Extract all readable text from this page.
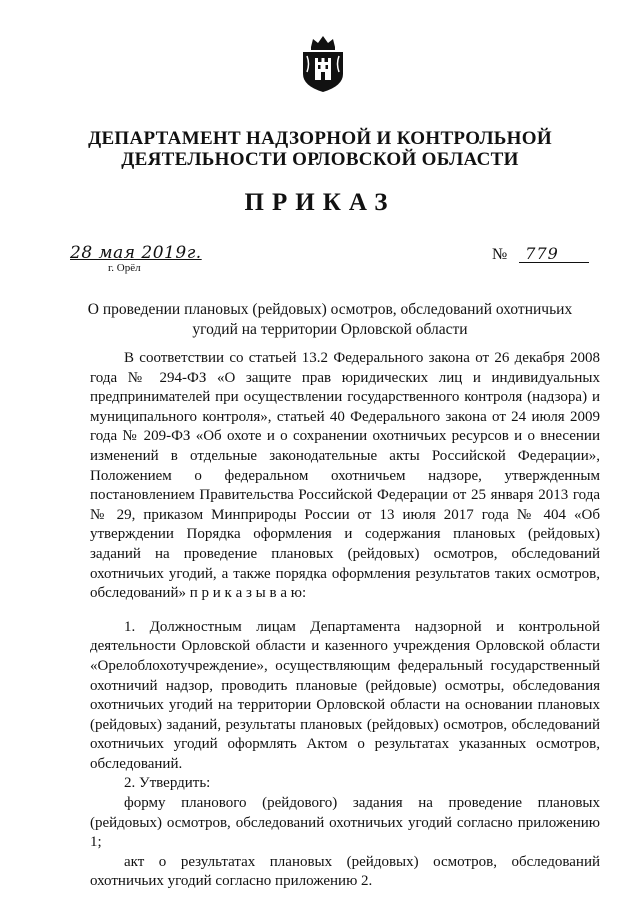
ДЕПАРТАМЕНТ НАДЗОРНОЙ И КОНТРОЛЬНОЙ
ДЕЯТЕЛЬНОСТИ ОРЛОВСКОЙ ОБЛАСТИ
ПРИКАЗ
28 мая 2019г.
г. Орёл
№ 779
О проведении плановых (рейдовых) осмотров, обследований охотничьих угодий на территории Орловской области

В соответствии со статьей 13.2 Федерального закона от 26 декабря 2008 года № 294-ФЗ «О защите прав юридических лиц и индивидуальных предпринимателей при осуществлении государственного контроля (надзора) и муниципального контроля», статьей 40 Федерального закона от 24 июля 2009 года № 209-ФЗ «Об охоте и о сохранении охотничьих ресурсов и о внесении изменений в отдельные законодательные акты Российской Федерации», Положением о федеральном охотничьем надзоре, утвержденным постановлением Правительства Российской Федерации от 25 января 2013 года № 29, приказом Минприроды России от 13 июля 2017 года № 404 «Об утверждении Порядка оформления и содержания плановых (рейдовых) заданий на проведение плановых (рейдовых) осмотров, обследований охотничьих угодий, а также порядка оформления результатов таких осмотров, обследований» п р и к а з ы в а ю:

1. Должностным лицам Департамента надзорной и контрольной деятельности Орловской области и казенного учреждения Орловской области «Орелоблохотучреждение», осуществляющим федеральный государственный охотничий надзор, проводить плановые (рейдовые) осмотры, обследования охотничьих угодий на территории Орловской области на основании плановых (рейдовых) заданий, результаты плановых (рейдовых) осмотров, обследований охотничьих угодий оформлять Актом о результатах указанных осмотров, обследований.

2. Утвердить:

форму планового (рейдового) задания на проведение плановых (рейдовых) осмотров, обследований охотничьих угодий согласно приложению 1;

акт о результатах плановых (рейдовых) осмотров, обследований охотничьих угодий согласно приложению 2.
